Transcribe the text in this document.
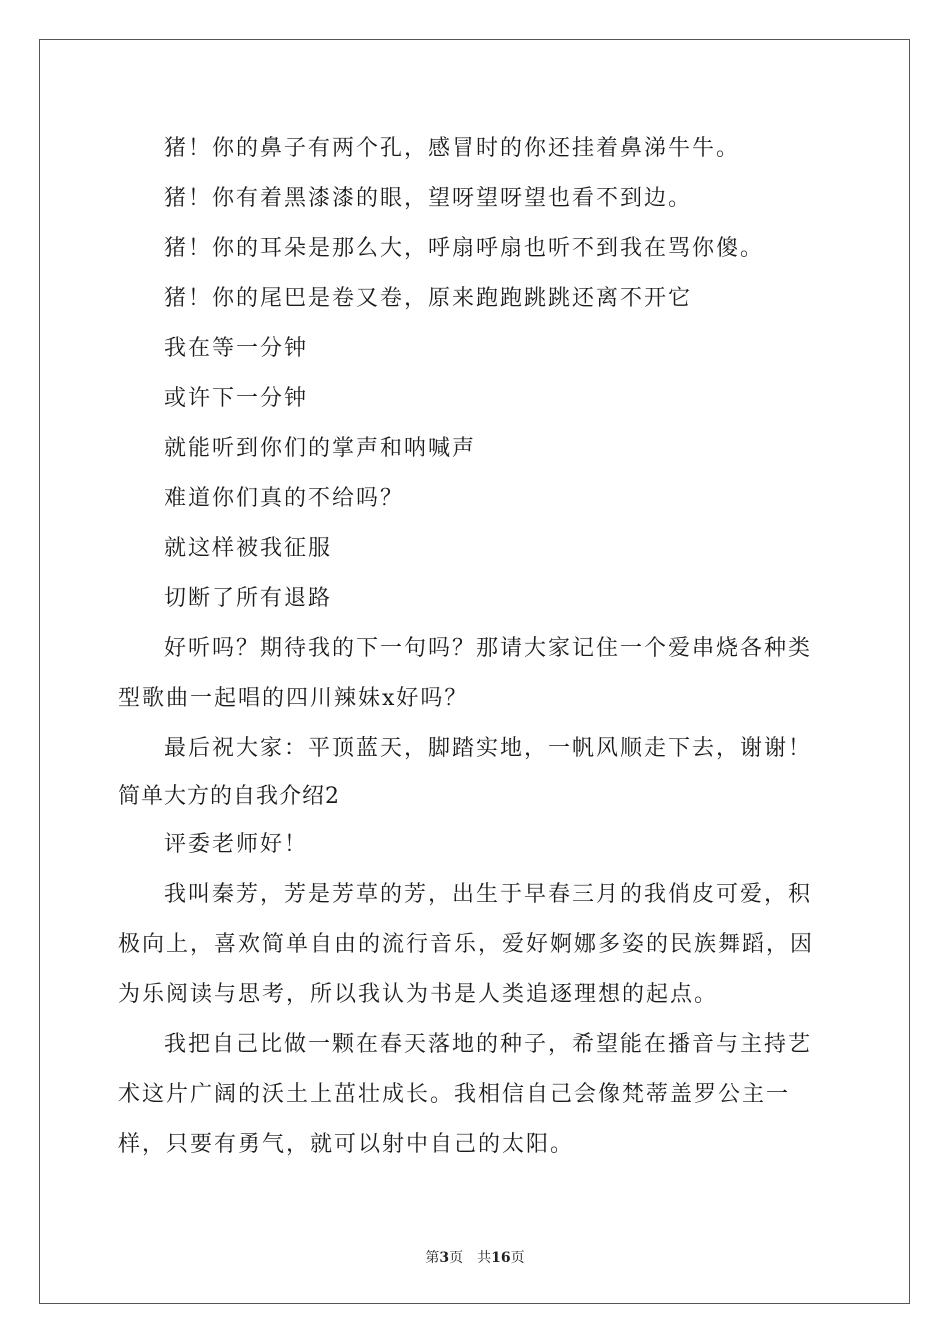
猪！你的鼻子有两个孔，感冒时的你还挂着鼻涕牛牛。

猪！你有着黑漆漆的眼，望呀望呀望也看不到边。

猪！你的耳朵是那么大，呼扇呼扇也听不到我在骂你傻。

猪！你的尾巴是卷又卷，原来跑跑跳跳还离不开它

我在等一分钟

或许下一分钟

就能听到你们的掌声和呐喊声

难道你们真的不给吗？

就这样被我征服

切断了所有退路

好听吗？期待我的下一句吗？那请大家记住一个爱串烧各种类型歌曲一起唱的四川辣妹x好吗？

最后祝大家：平顶蓝天，脚踏实地，一帆风顺走下去，谢谢！

简单大方的自我介绍2

评委老师好！

我叫秦芳，芳是芳草的芳，出生于早春三月的我俏皮可爱，积极向上，喜欢简单自由的流行音乐，爱好婀娜多姿的民族舞蹈，因为乐阅读与思考，所以我认为书是人类追逐理想的起点。

我把自己比做一颗在春天落地的种子，希望能在播音与主持艺术这片广阔的沃土上茁壮成长。我相信自己会像梵蒂盖罗公主一样，只要有勇气，就可以射中自己的太阳。

第3页 共16页
